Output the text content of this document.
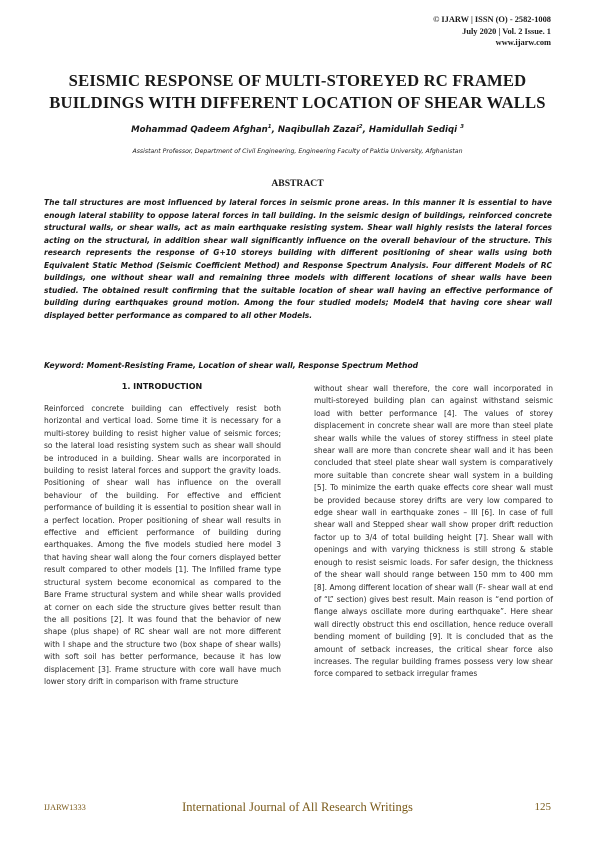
© IJARW | ISSN (O) - 2582-1008
July 2020 | Vol. 2 Issue. 1
www.ijarw.com
SEISMIC RESPONSE OF MULTI-STOREYED RC FRAMED
BUILDINGS WITH DIFFERENT LOCATION OF SHEAR WALLS
Mohammad Qadeem Afghan$^1$, Naqibullah Zazai$^2$, Hamidullah Sediqi $^3$
Assistant Professor, Department of Civil Engineering, Engineering Faculty of Paktia University, Afghanistan
ABSTRACT
The tall structures are most influenced by lateral forces in seismic prone areas. In this manner it is essential to have enough lateral stability to oppose lateral forces in tall building. In the seismic design of buildings, reinforced concrete structural walls, or shear walls, act as main earthquake resisting system. Shear wall highly resists the lateral forces acting on the structural, in addition shear wall significantly influence on the overall behaviour of the structure. This research represents the response of G+10 storeys building with different positioning of shear walls using both Equivalent Static Method (Seismic Coefficient Method) and Response Spectrum Analysis. Four different Models of RC buildings, one without shear wall and remaining three models with different locations of shear walls have been studied. The obtained result confirming that the suitable location of shear wall having an effective performance of building during earthquakes ground motion. Among the four studied models; Model4 that having core shear wall displayed better performance as compared to all other Models.
Keyword: Moment-Resisting Frame, Location of shear wall, Response Spectrum Method
1. INTRODUCTION
Reinforced concrete building can effectively resist both horizontal and vertical load. Some time it is necessary for a multi-storey building to resist higher value of seismic forces; so the lateral load resisting system such as shear wall should be introduced in a building. Shear walls are incorporated in building to resist lateral forces and support the gravity loads. Positioning of shear wall has influence on the overall behaviour of the building. For effective and efficient performance of building it is essential to position shear wall in a perfect location. Proper positioning of shear wall results in effective and efficient performance of building during earthquakes. Among the five models studied here model 3 that having shear wall along the four corners displayed better result compared to other models [1]. The Infilled frame type structural system become economical as compared to the Bare Frame structural system and while shear walls provided at corner on each side the structure gives better result than the all positions [2]. It was found that the behavior of new shape (plus shape) of RC shear wall are not more different with I shape and the structure two (box shape of shear walls) with soft soil has better performance, because it has low displacement [3]. Frame structure with core wall have much lower story drift in comparison with frame structure
without shear wall therefore, the core wall incorporated in multi-storeyed building plan can against withstand seismic load with better performance [4]. The values of storey displacement in concrete shear wall are more than steel plate shear walls while the values of storey stiffness in steel plate shear wall are more than concrete shear wall and it has been concluded that steel plate shear wall system is comparatively more suitable than concrete shear wall system in a building [5]. To minimize the earth quake effects core shear wall must be provided because storey drifts are very low compared to edge shear wall in earthquake zones – III [6]. In case of full shear wall and Stepped shear wall show proper drift reduction factor up to 3/4 of total building height [7]. Shear wall with openings and with varying thickness is still strong & stable enough to resist seismic loads. For safer design, the thickness of the shear wall should range between 150 mm to 400 mm [8]. Among different location of shear wall (F- shear wall at end of “L” section) gives best result. Main reason is “end portion of flange always oscillate more during earthquake”. Here shear wall directly obstruct this end oscillation, hence reduce overall bending moment of building [9]. It is concluded that as the amount of setback increases, the critical shear force also increases. The regular building frames possess very low shear force compared to setback irregular frames
IJARW1333	International Journal of All Research Writings	125
